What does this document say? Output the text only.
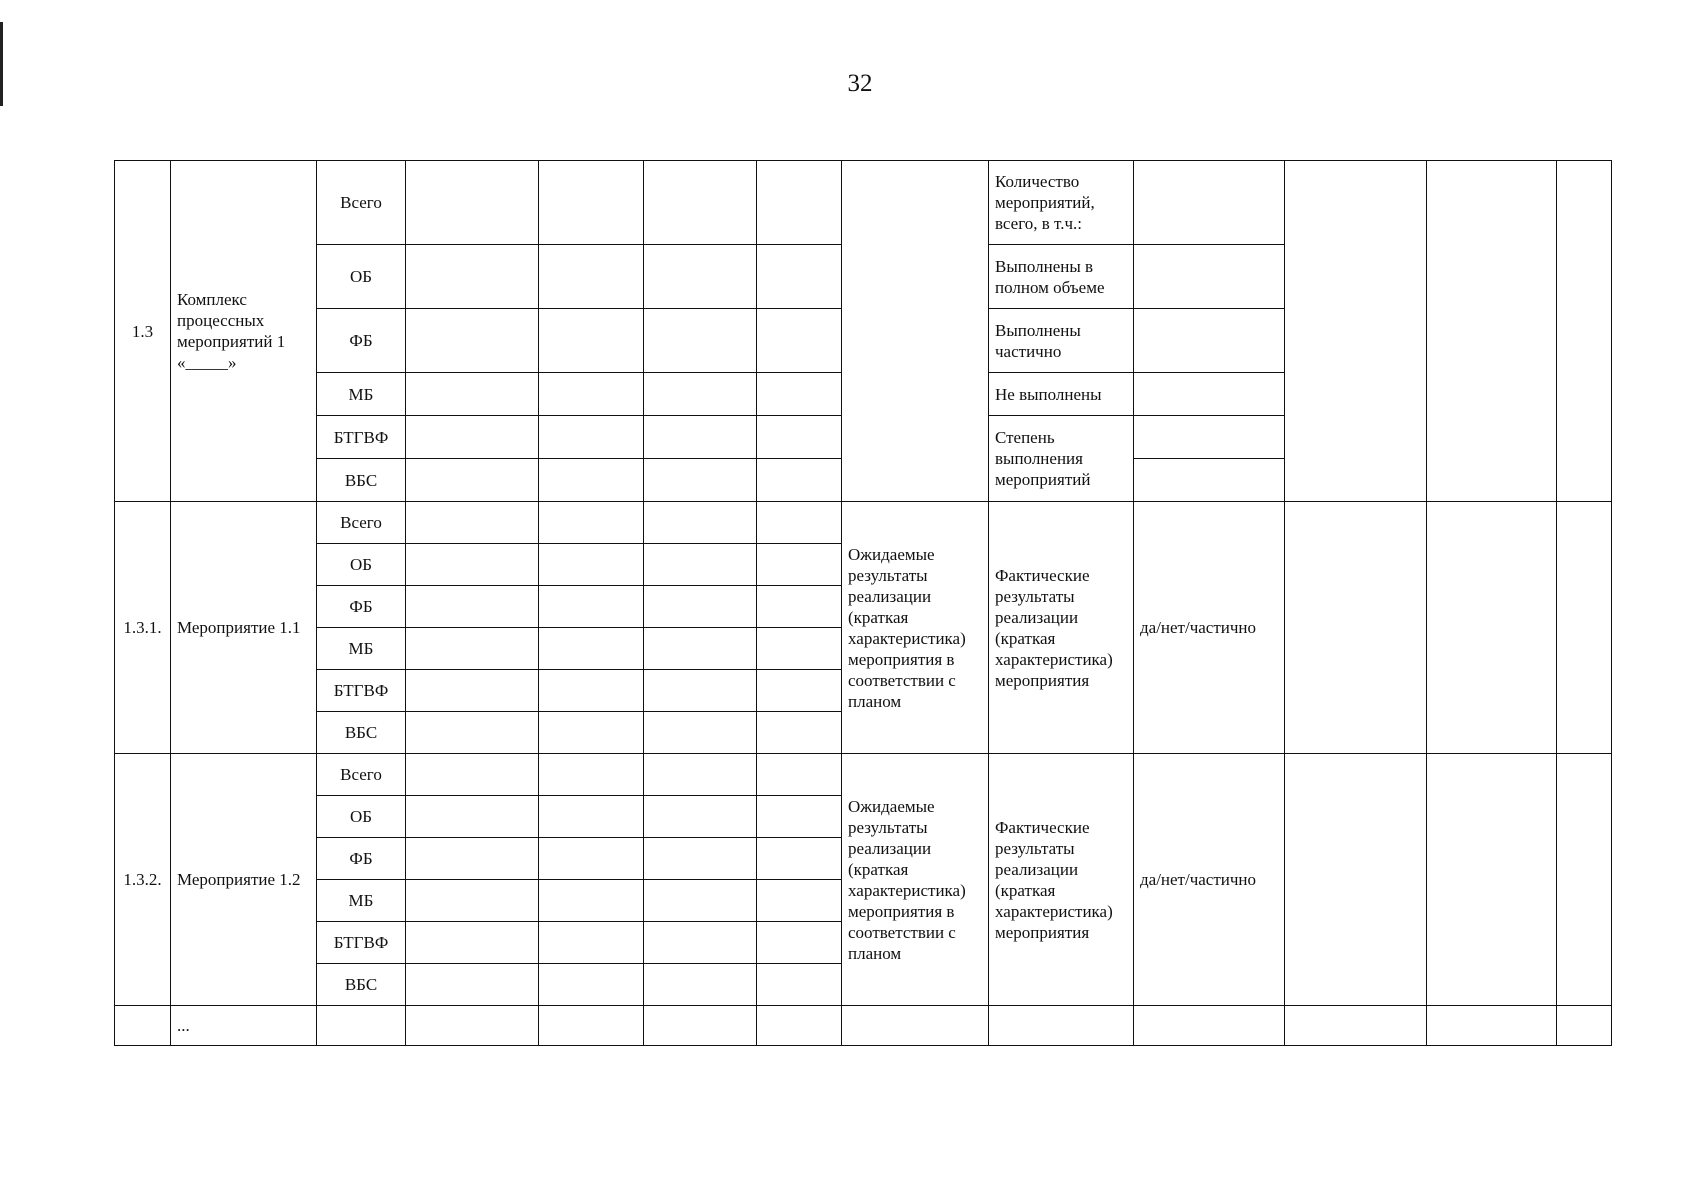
32
1.3	Комплекс процессных мероприятий 1 «_____»	Всего						Количество мероприятий, всего, в т.ч.:				
		ОБ						Выполнены в полном объеме				
		ФБ						Выполнены частично				
		МБ						Не выполнены				
		БТГВФ						Степень выполнения мероприятий				
		ВБС										
1.3.1.	Мероприятие 1.1	Всего					Ожидаемые результаты реализации (краткая характеристика) мероприятия в соответствии с планом	Фактические результаты реализации (краткая характеристика) мероприятия	да/нет/частично			
		ОБ										
		ФБ										
		МБ										
		БТГВФ										
		ВБС										
1.3.2.	Мероприятие 1.2	Всего					Ожидаемые результаты реализации (краткая характеристика) мероприятия в соответствии с планом	Фактические результаты реализации (краткая характеристика) мероприятия	да/нет/частично			
		ОБ										
		ФБ										
		МБ										
		БТГВФ										
		ВБС										
	...											
